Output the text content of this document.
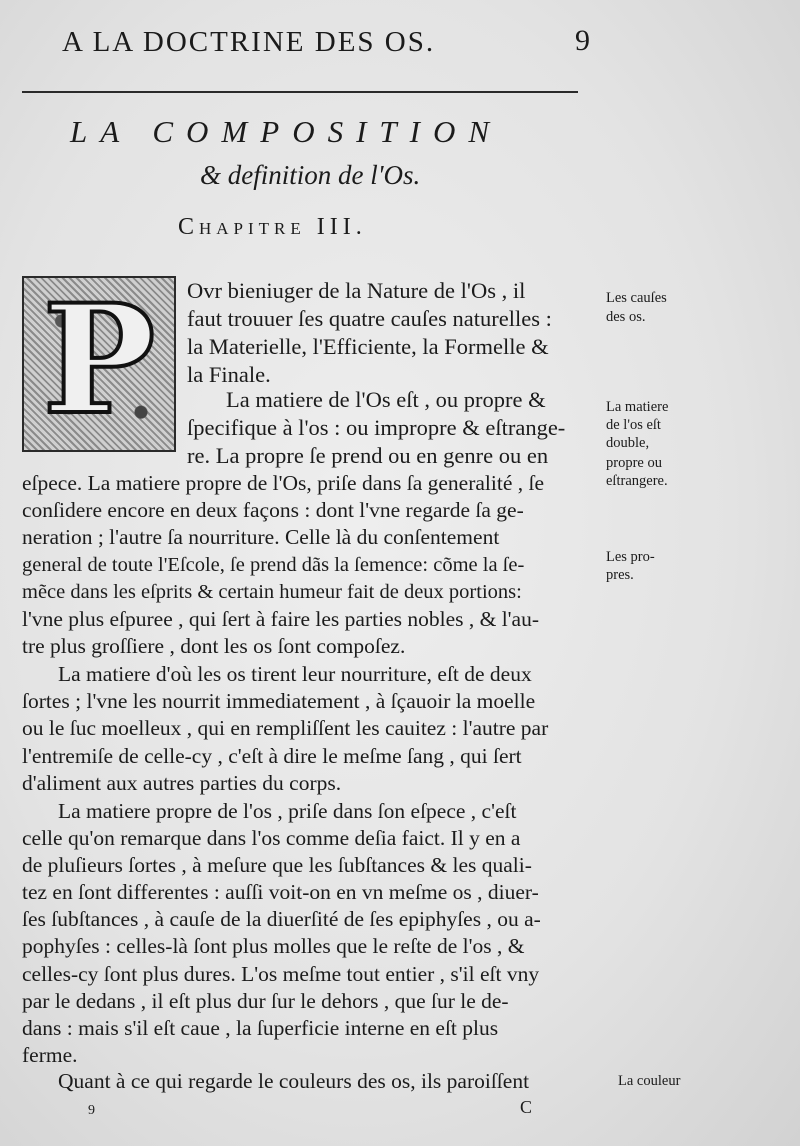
A LA DOCTRINE DES OS.	9
LA COMPOSITION
& definition de l'Os.
Chapitre III.
P Ovr bieniuger de la Nature de l'Os , il
faut trouuer ſes quatre cauſes naturelles :
la Materielle, l'Efficiente, la Formelle &
la Finale.
La matiere de l'Os eſt , ou propre &
ſpecifique à l'os : ou impropre & eſtrange-
re. La propre ſe prend ou en genre ou en
eſpece. La matiere propre de l'Os, priſe dans ſa generalité , ſe
conſidere encore en deux façons : dont l'vne regarde ſa ge-
neration ; l'autre ſa nourriture. Celle là du conſentement
general de toute l'Eſcole, ſe prend dãs la ſemence: cõme la ſe-
mẽce dans les eſprits & certain humeur fait de deux portions:
l'vne plus eſpuree , qui ſert à faire les parties nobles , & l'au-
tre plus groſſiere , dont les os ſont compoſez.
La matiere d'où les os tirent leur nourriture, eſt de deux
ſortes ; l'vne les nourrit immediatement , à ſçauoir la moelle
ou le ſuc moelleux , qui en rempliſſent les cauitez : l'autre par
l'entremiſe de celle-cy , c'eſt à dire le meſme ſang , qui ſert
d'aliment aux autres parties du corps.
La matiere propre de l'os , priſe dans ſon eſpece , c'eſt
celle qu'on remarque dans l'os comme deſia faict. Il y en a
de pluſieurs ſortes , à meſure que les ſubſtances & les quali-
tez en ſont differentes : auſſi voit-on en vn meſme os , diuer-
ſes ſubſtances , à cauſe de la diuerſité de ſes epiphyſes , ou a-
pophyſes : celles-là ſont plus molles que le reſte de l'os , &
celles-cy ſont plus dures. L'os meſme tout entier , s'il eſt vny
par le dedans , il eſt plus dur ſur le dehors , que ſur le de-
dans : mais s'il eſt caue , la ſuperficie interne en eſt plus
ferme.
Quant à ce qui regarde le couleurs des os, ils paroiſſent
Les cauſes
des os.
La matiere
de l'os eſt
double,
propre ou
eſtrangere.
Les pro-
pres.
La couleur
9	C
